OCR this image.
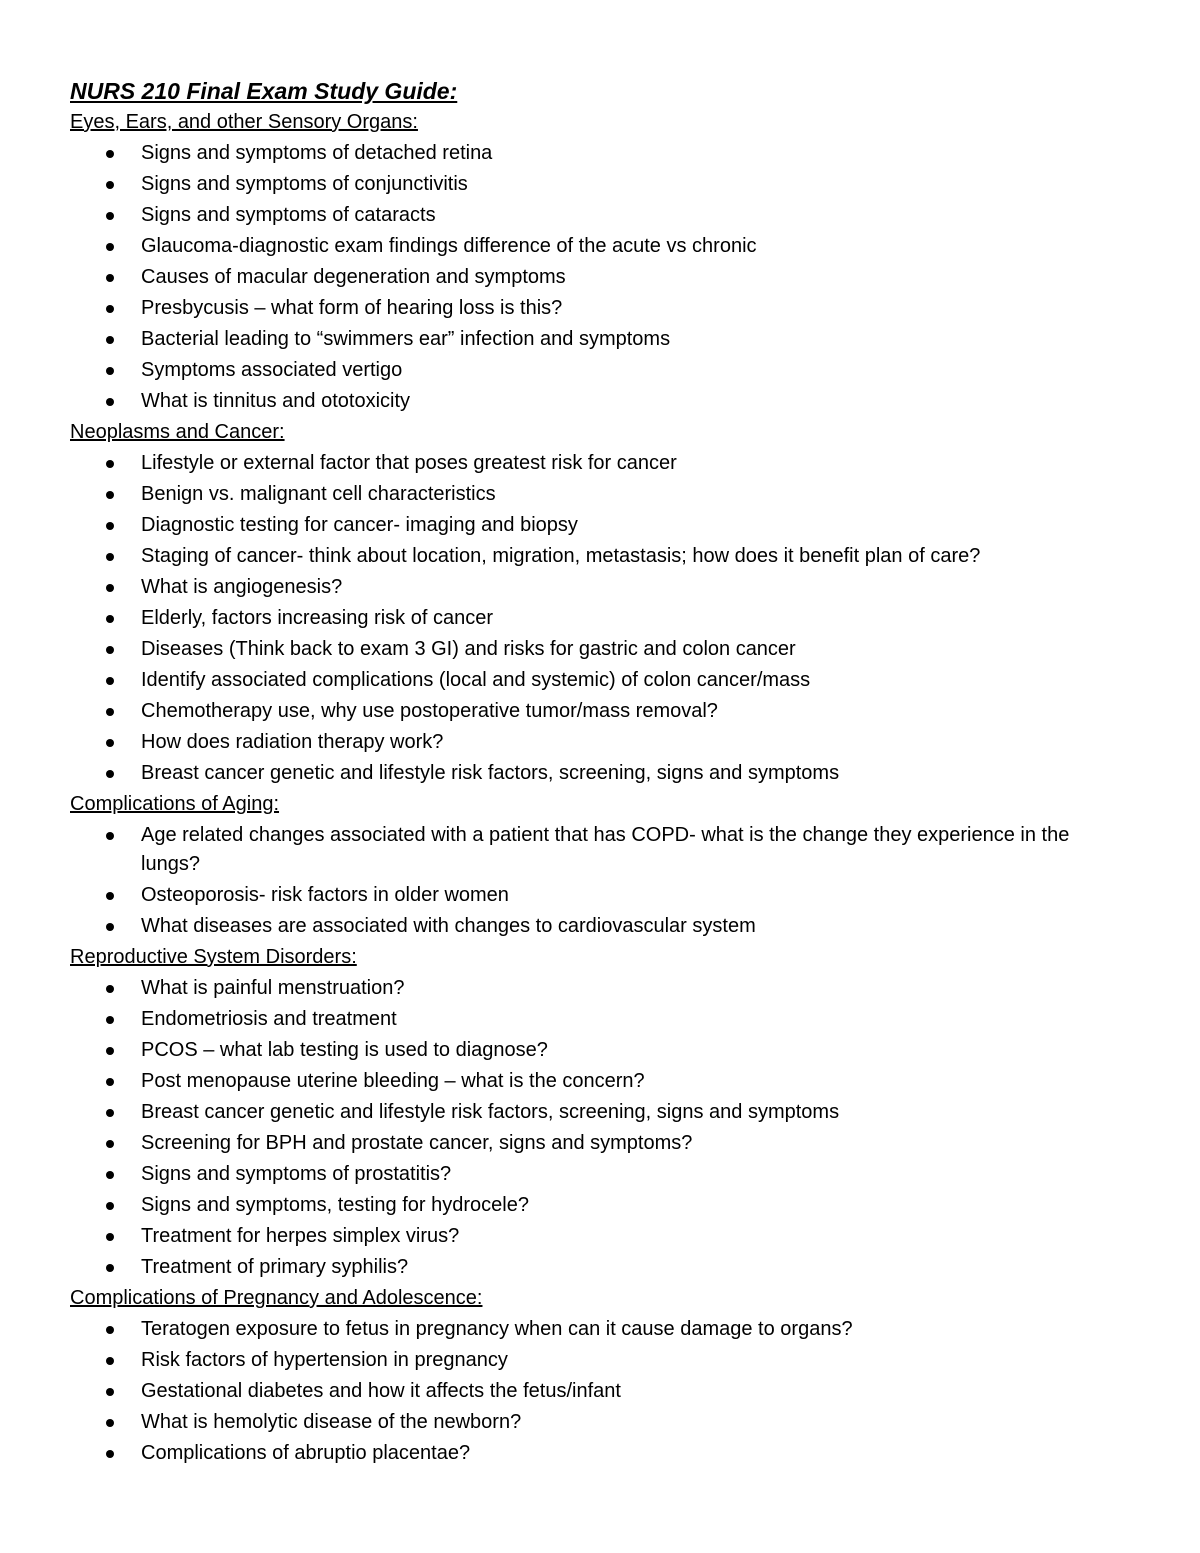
NURS 210 Final Exam Study Guide:
Eyes, Ears, and other Sensory Organs:
Signs and symptoms of detached retina
Signs and symptoms of conjunctivitis
Signs and symptoms of cataracts
Glaucoma-diagnostic exam findings difference of the acute vs chronic
Causes of macular degeneration and symptoms
Presbycusis – what form of hearing loss is this?
Bacterial leading to “swimmers ear” infection and symptoms
Symptoms associated vertigo
What is tinnitus and ototoxicity
Neoplasms and Cancer:
Lifestyle or external factor that poses greatest risk for cancer
Benign vs. malignant cell characteristics
Diagnostic testing for cancer- imaging and biopsy
Staging of cancer- think about location, migration, metastasis; how does it benefit plan of care?
What is angiogenesis?
Elderly, factors increasing risk of cancer
Diseases (Think back to exam 3 GI) and risks for gastric and colon cancer
Identify associated complications (local and systemic) of colon cancer/mass
Chemotherapy use, why use postoperative tumor/mass removal?
How does radiation therapy work?
Breast cancer genetic and lifestyle risk factors, screening, signs and symptoms
Complications of Aging:
Age related changes associated with a patient that has COPD- what is the change they experience in the lungs?
Osteoporosis- risk factors in older women
What diseases are associated with changes to cardiovascular system
Reproductive System Disorders:
What is painful menstruation?
Endometriosis and treatment
PCOS – what lab testing is used to diagnose?
Post menopause uterine bleeding – what is the concern?
Breast cancer genetic and lifestyle risk factors, screening, signs and symptoms
Screening for BPH and prostate cancer, signs and symptoms?
Signs and symptoms of prostatitis?
Signs and symptoms, testing for hydrocele?
Treatment for herpes simplex virus?
Treatment of primary syphilis?
Complications of Pregnancy and Adolescence:
Teratogen exposure to fetus in pregnancy when can it cause damage to organs?
Risk factors of hypertension in pregnancy
Gestational diabetes and how it affects the fetus/infant
What is hemolytic disease of the newborn?
Complications of abruptio placentae?
